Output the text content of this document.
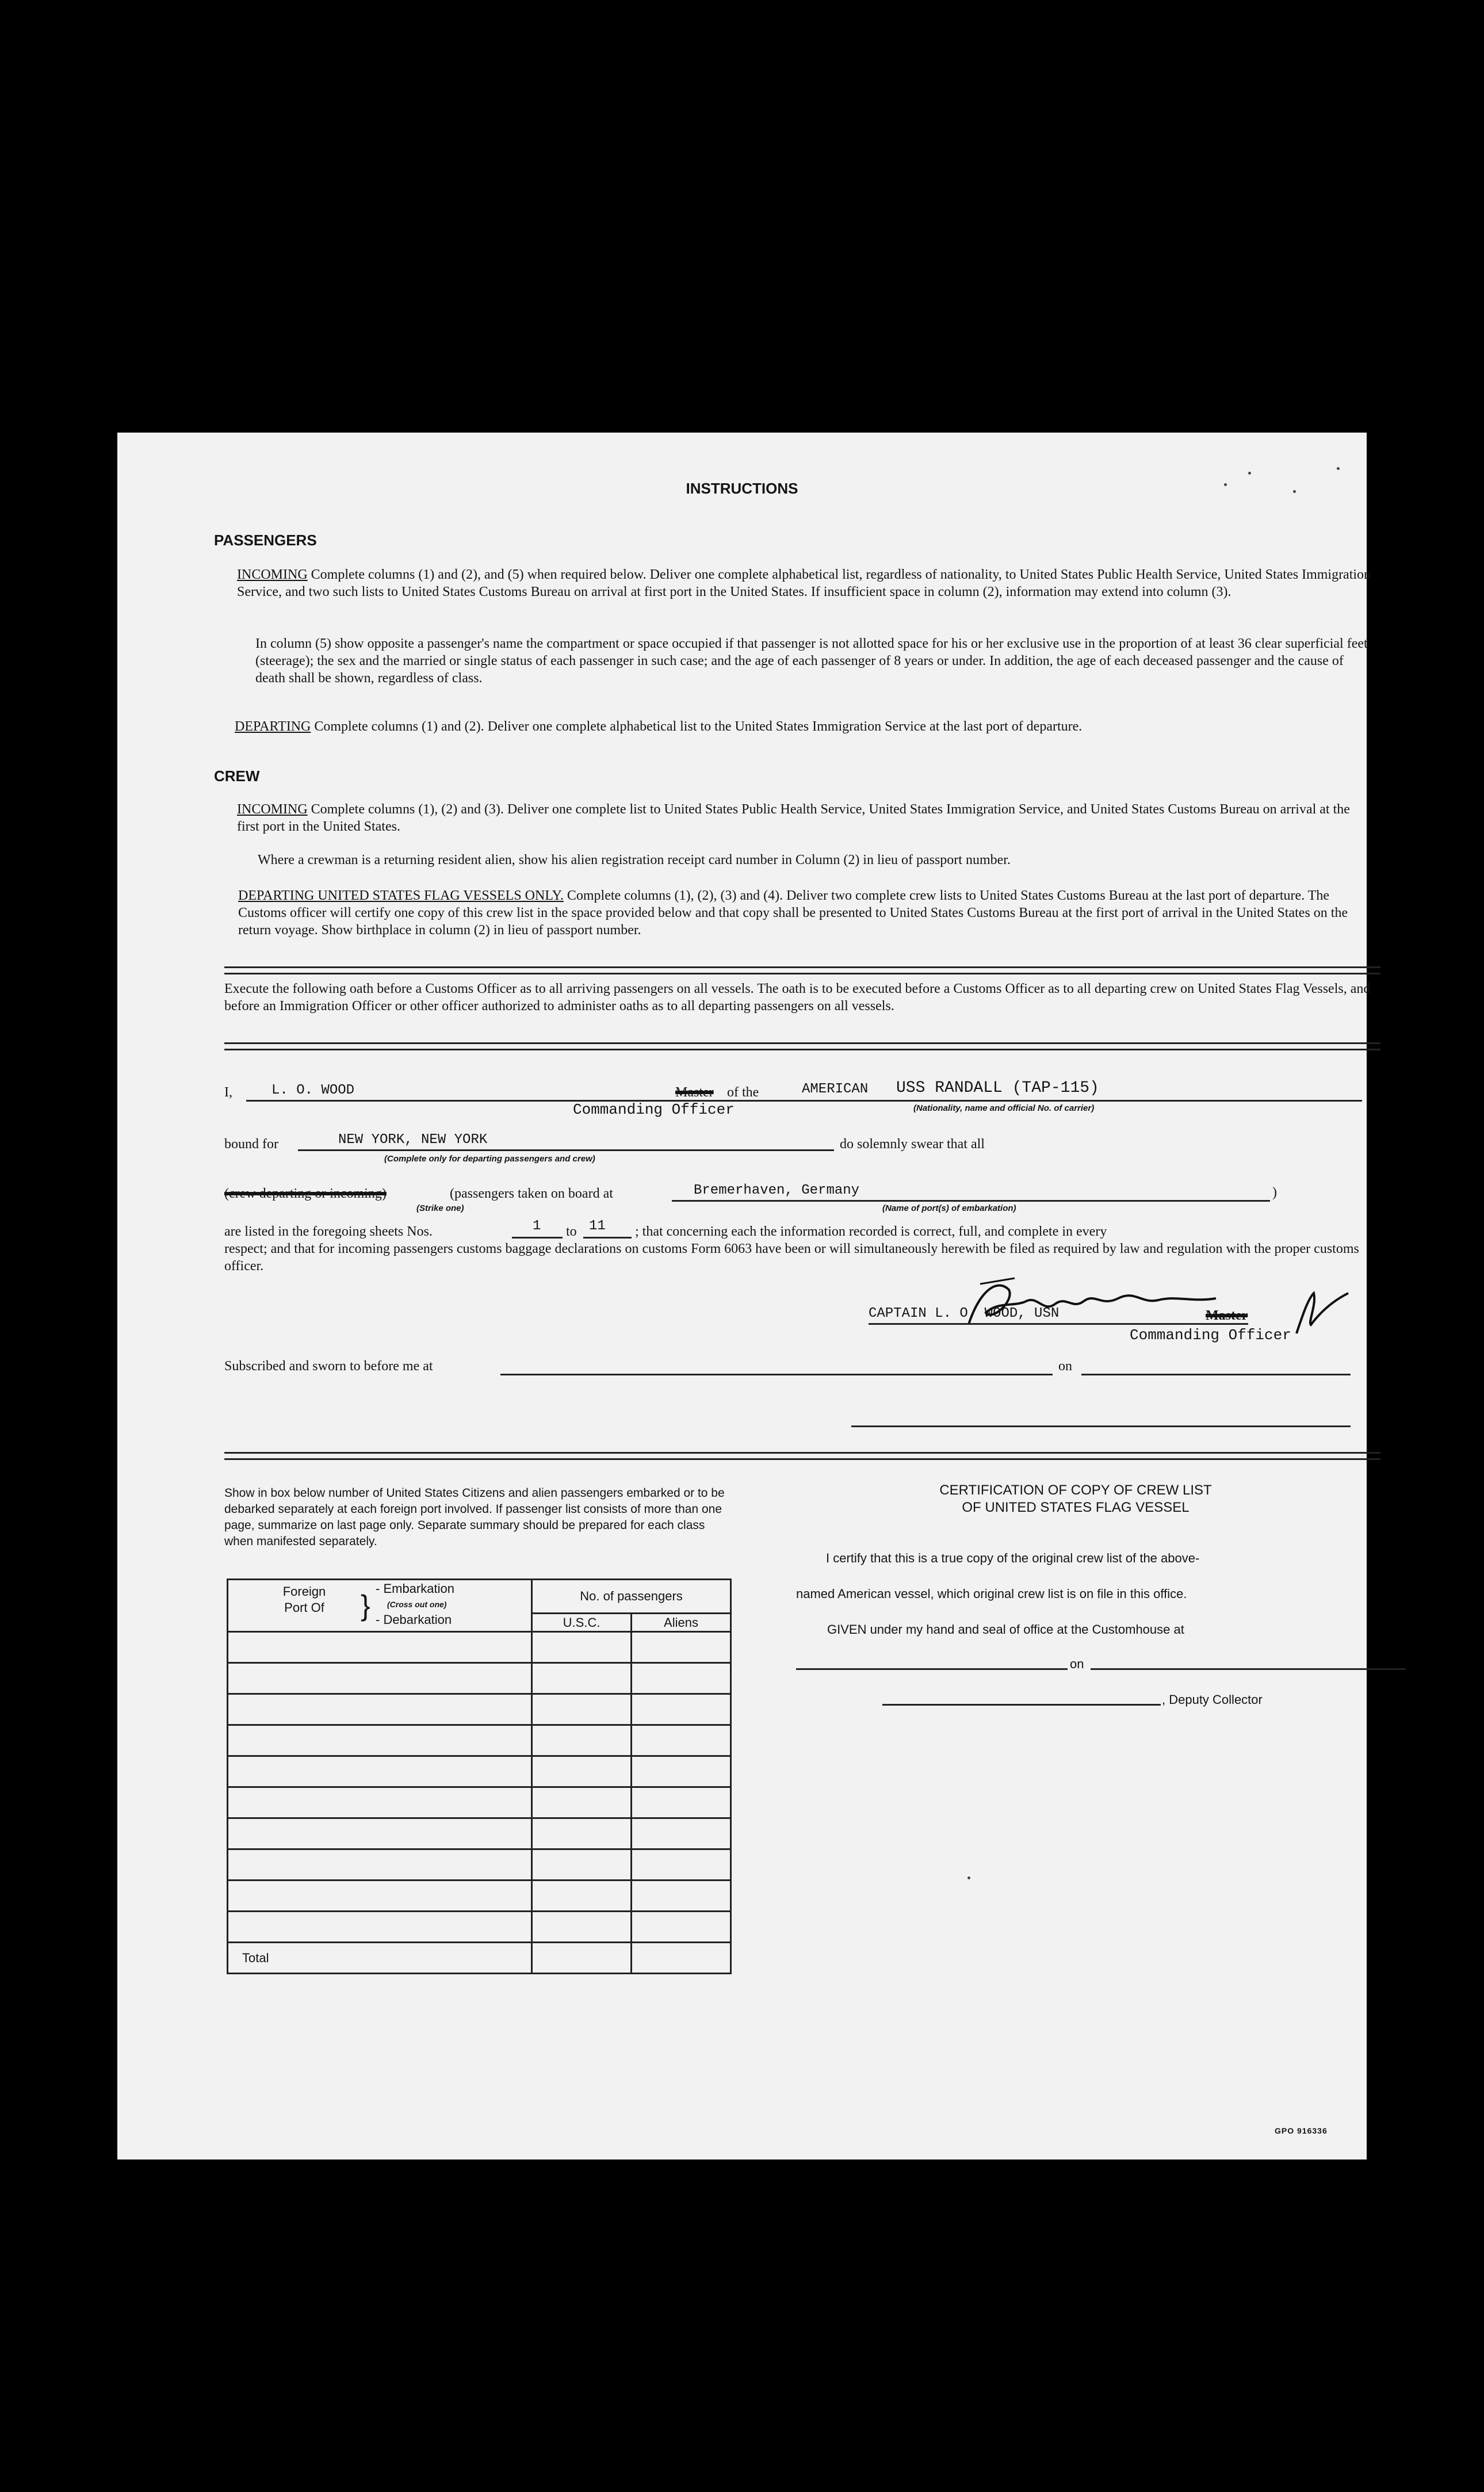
INSTRUCTIONS
PASSENGERS
INCOMING Complete columns (1) and (2), and (5) when required below. Deliver one complete alphabetical list, regardless of nationality, to United States Public Health Service, United States Immigration Service, and two such lists to United States Customs Bureau on arrival at first port in the United States. If insufficient space in column (2), information may extend into column (3).
In column (5) show opposite a passenger's name the compartment or space occupied if that passenger is not allotted space for his or her exclusive use in the proportion of at least 36 clear superficial feet (steerage); the sex and the married or single status of each passenger in such case; and the age of each passenger of 8 years or under. In addition, the age of each deceased passenger and the cause of death shall be shown, regardless of class.
DEPARTING Complete columns (1) and (2). Deliver one complete alphabetical list to the United States Immigration Service at the last port of departure.
CREW
INCOMING Complete columns (1), (2) and (3). Deliver one complete list to United States Public Health Service, United States Immigration Service, and United States Customs Bureau on arrival at the first port in the United States.
Where a crewman is a returning resident alien, show his alien registration receipt card number in Column (2) in lieu of passport number.
DEPARTING UNITED STATES FLAG VESSELS ONLY. Complete columns (1), (2), (3) and (4). Deliver two complete crew lists to United States Customs Bureau at the last port of departure. The Customs officer will certify one copy of this crew list in the space provided below and that copy shall be presented to United States Customs Bureau at the first port of arrival in the United States on the return voyage. Show birthplace in column (2) in lieu of passport number.
Execute the following oath before a Customs Officer as to all arriving passengers on all vessels. The oath is to be executed before a Customs Officer as to all departing crew on United States Flag Vessels, and before an Immigration Officer or other officer authorized to administer oaths as to all departing passengers on all vessels.
I,	L. O. WOOD	Master of the	AMERICAN USS RANDALL (TAP-115)
Commanding Officer	(Nationality, name and official No. of carrier)
bound for	NEW YORK, NEW YORK	do solemnly swear that all
(Complete only for departing passengers and crew)
(crew departing or incoming)	(passengers taken on board at
(Strike one)
Bremerhaven, Germany	)
(Name of port(s) of embarkation)
are listed in the foregoing sheets Nos.	1 to 11 ; that concerning each the information recorded is correct, full, and complete in every
respect; and that for incoming passengers customs baggage declarations on customs Form 6063 have been or will simultaneously herewith be filed as required by law and regulation with the proper customs officer.
CAPTAIN L. O. WOOD, USN	Master
Commanding Officer
Subscribed and sworn to before me at	on
Show in box below number of United States Citizens and alien passengers embarked or to be debarked separately at each foreign port involved. If passenger list consists of more than one page, summarize on last page only. Separate summary should be prepared for each class when manifested separately.
Foreign Port Of }
- Embarkation
(Cross out one)
- Debarkation	No. of passengers	
	U.S.C.	Aliens

Total		
CERTIFICATION OF COPY OF CREW LIST
OF UNITED STATES FLAG VESSEL
I certify that this is a true copy of the original crew list of the above-
named American vessel, which original crew list is on file in this office.
GIVEN under my hand and seal of office at the Customhouse at
on
, Deputy Collector
GPO 916336
